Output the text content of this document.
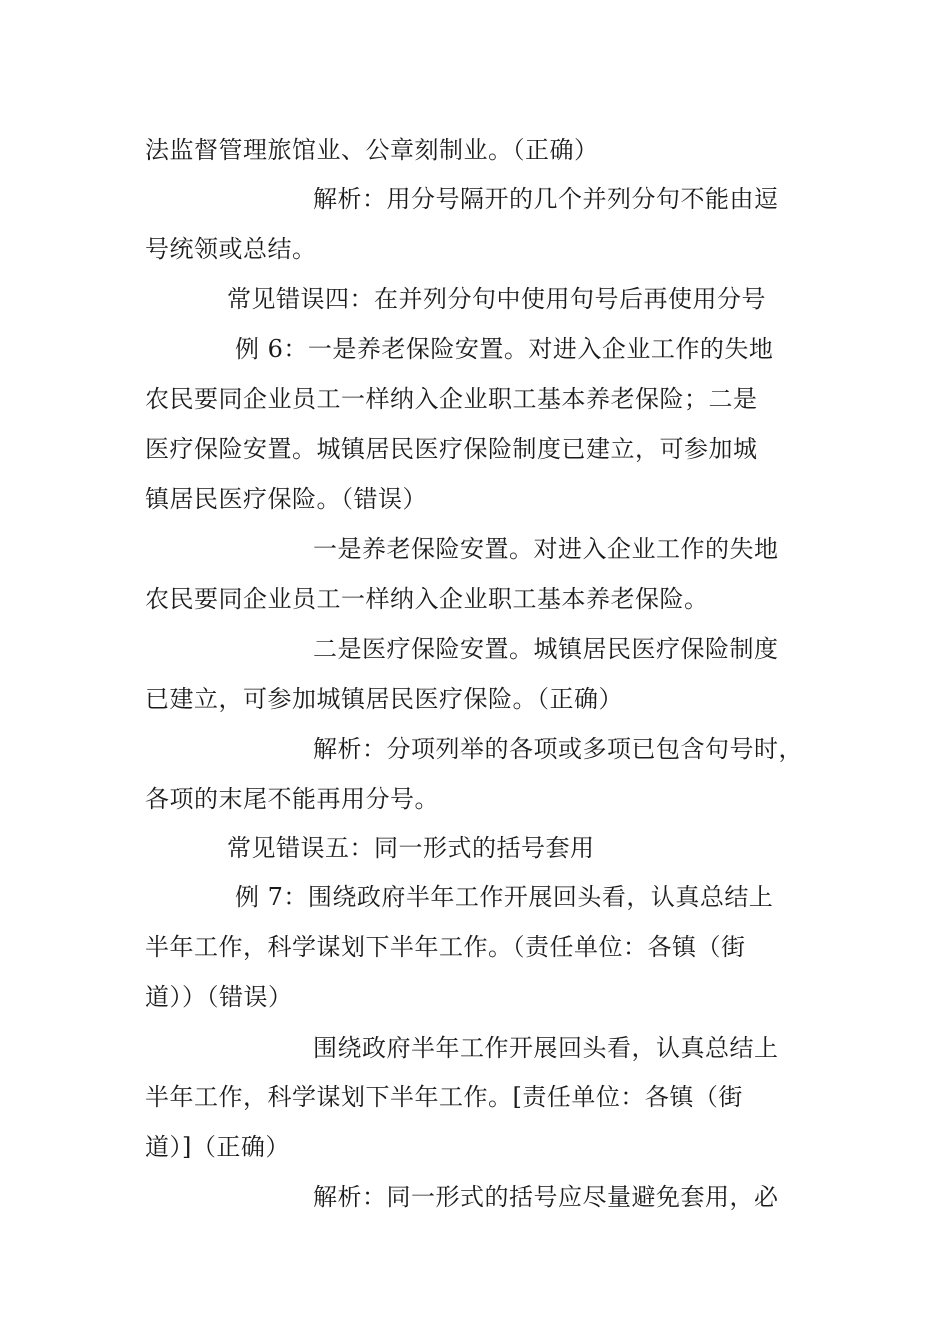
法监督管理旅馆业、公章刻制业。（正确）
解析：用分号隔开的几个并列分句不能由逗
号统领或总结。
常见错误四：在并列分句中使用句号后再使用分号
例 6：一是养老保险安置。对进入企业工作的失地
农民要同企业员工一样纳入企业职工基本养老保险；二是
医疗保险安置。城镇居民医疗保险制度已建立，可参加城
镇居民医疗保险。（错误）
一是养老保险安置。对进入企业工作的失地
农民要同企业员工一样纳入企业职工基本养老保险。
二是医疗保险安置。城镇居民医疗保险制度
已建立，可参加城镇居民医疗保险。（正确）
解析：分项列举的各项或多项已包含句号时，
各项的末尾不能再用分号。
常见错误五：同一形式的括号套用
例 7：围绕政府半年工作开展回头看，认真总结上
半年工作，科学谋划下半年工作。（责任单位：各镇（街
道））（错误）
围绕政府半年工作开展回头看，认真总结上
半年工作，科学谋划下半年工作。[责任单位：各镇（街
道）]（正确）
解析：同一形式的括号应尽量避免套用，必
